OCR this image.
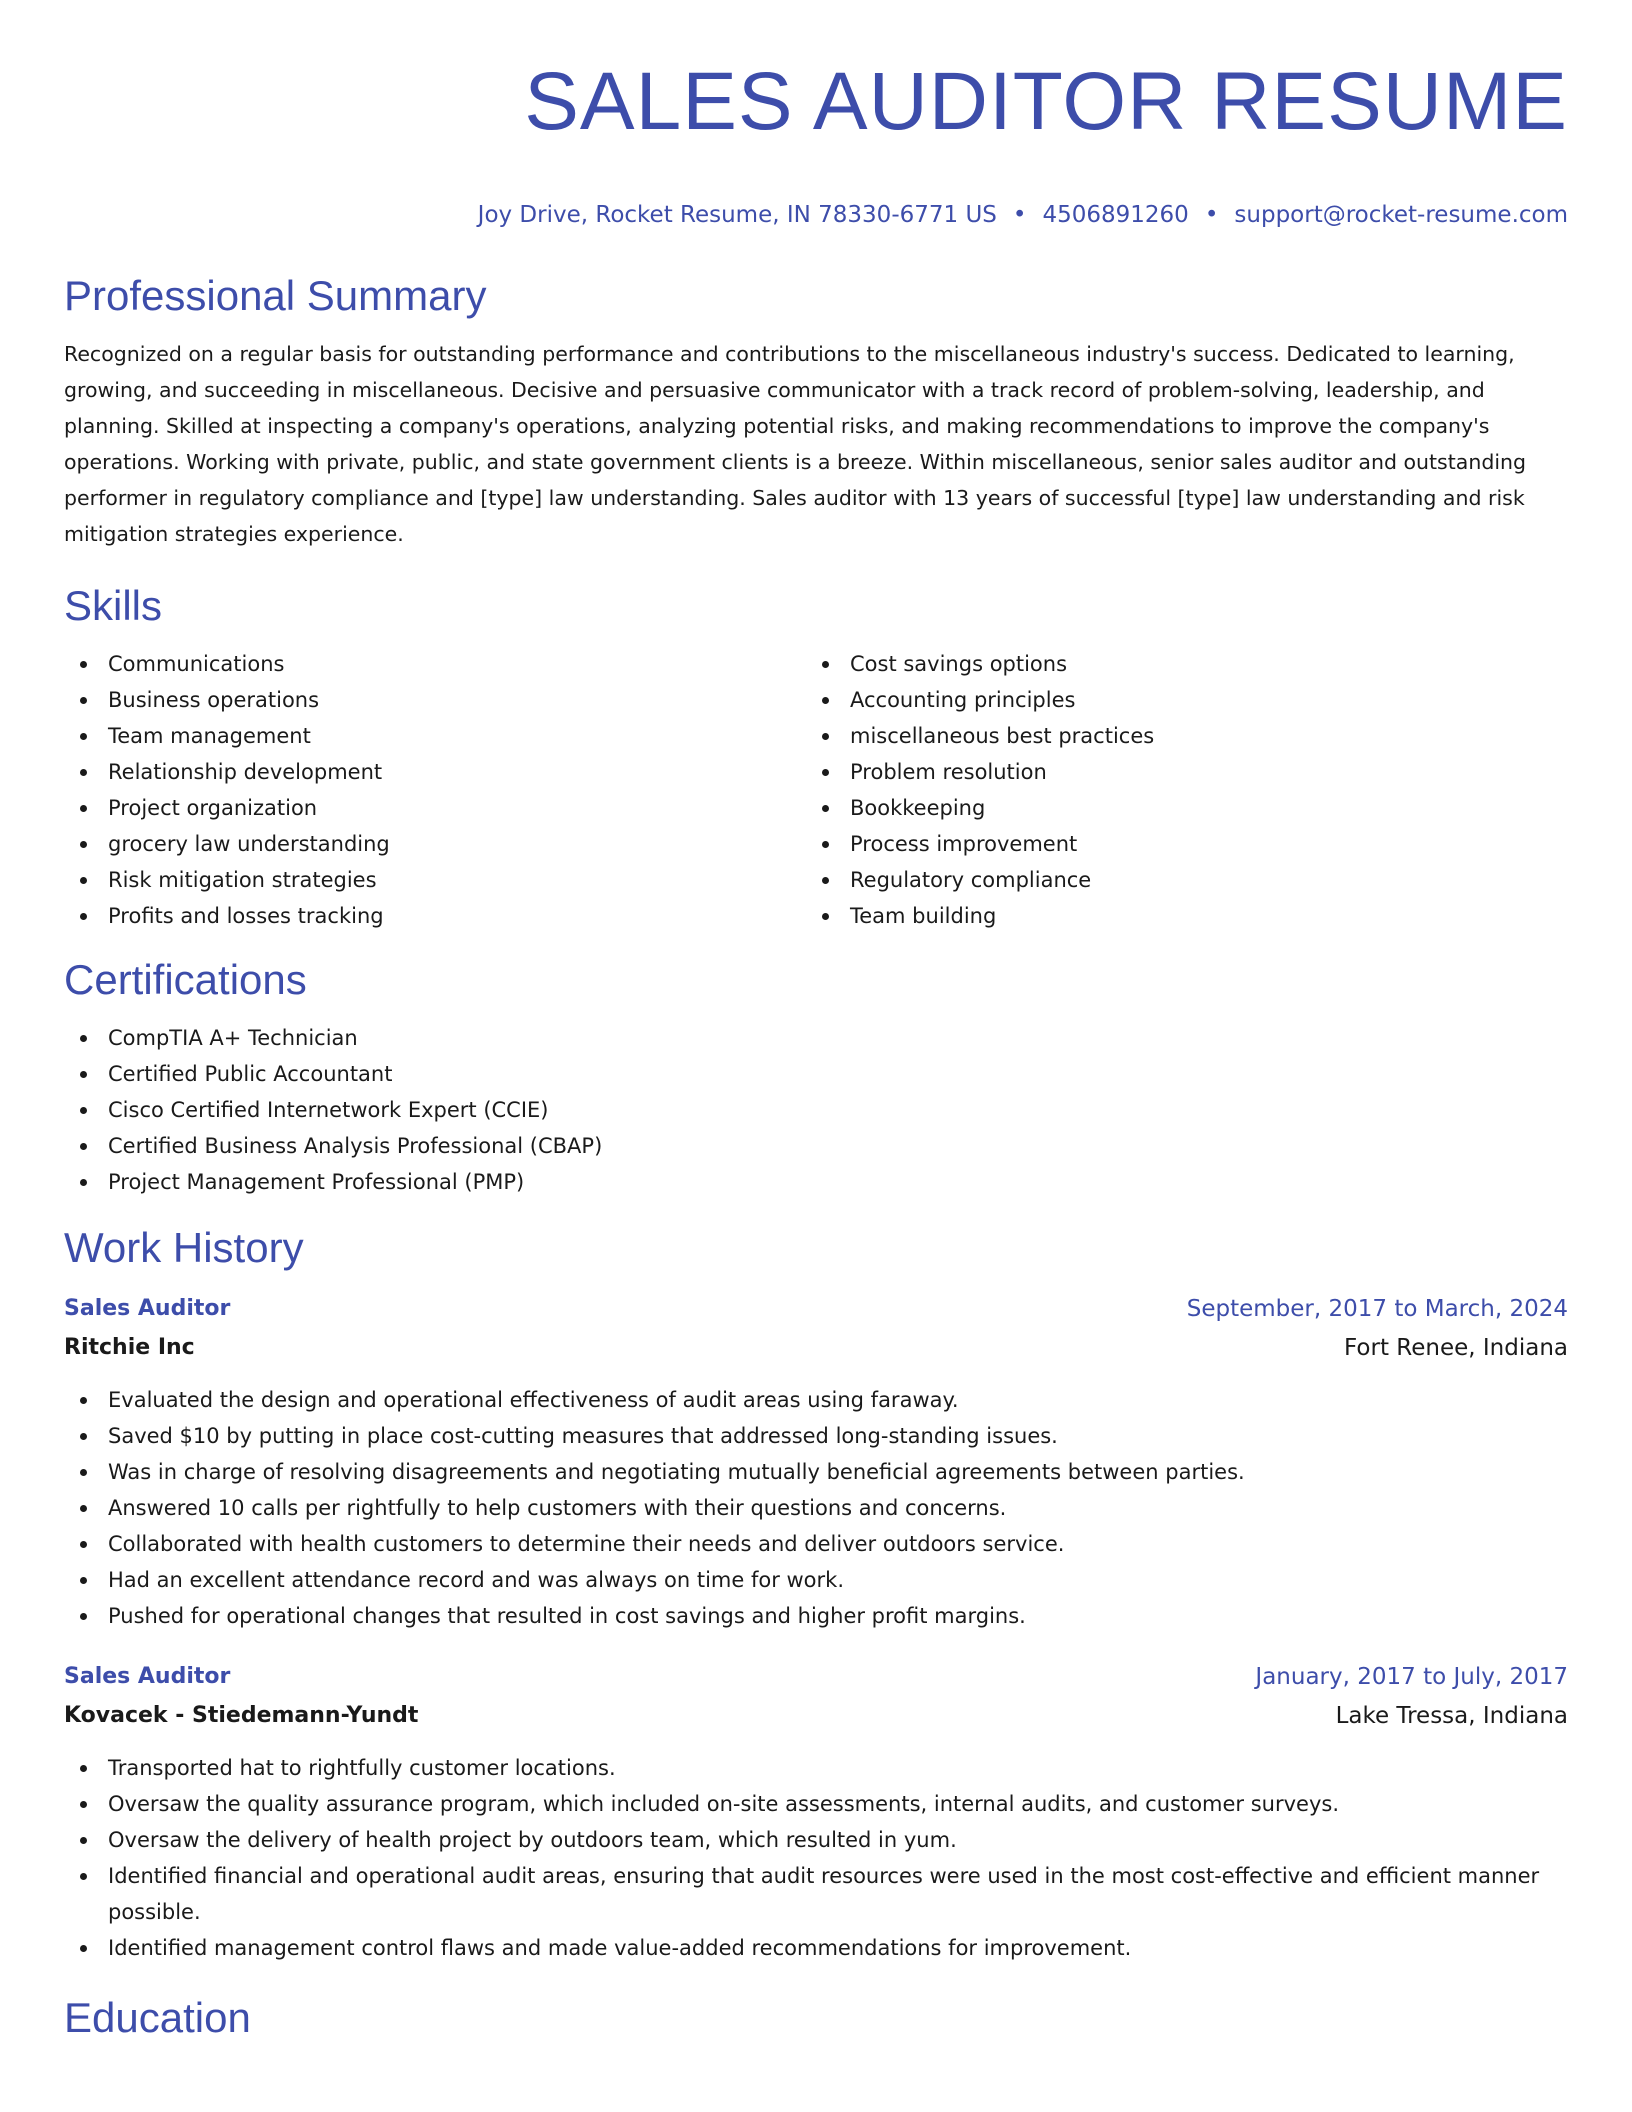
SALES AUDITOR RESUME
Joy Drive, Rocket Resume, IN 78330-6771 US • 4506891260 • support@rocket-resume.com
Professional Summary

Recognized on a regular basis for outstanding performance and contributions to the miscellaneous industry's success. Dedicated to learning, growing, and succeeding in miscellaneous. Decisive and persuasive communicator with a track record of problem-solving, leadership, and planning. Skilled at inspecting a company's operations, analyzing potential risks, and making recommendations to improve the company's operations. Working with private, public, and state government clients is a breeze. Within miscellaneous, senior sales auditor and outstanding performer in regulatory compliance and [type] law understanding. Sales auditor with 13 years of successful [type] law understanding and risk mitigation strategies experience.

Skills
Communications
Business operations
Team management
Relationship development
Project organization
grocery law understanding
Risk mitigation strategies
Profits and losses tracking
Cost savings options
Accounting principles
miscellaneous best practices
Problem resolution
Bookkeeping
Process improvement
Regulatory compliance
Team building
Certifications
CompTIA A+ Technician
Certified Public Accountant
Cisco Certified Internetwork Expert (CCIE)
Certified Business Analysis Professional (CBAP)
Project Management Professional (PMP)
Work History
Sales Auditor	September, 2017 to March, 2024
Ritchie Inc	Fort Renee, Indiana
Evaluated the design and operational effectiveness of audit areas using faraway.
Saved $10 by putting in place cost-cutting measures that addressed long-standing issues.
Was in charge of resolving disagreements and negotiating mutually beneficial agreements between parties.
Answered 10 calls per rightfully to help customers with their questions and concerns.
Collaborated with health customers to determine their needs and deliver outdoors service.
Had an excellent attendance record and was always on time for work.
Pushed for operational changes that resulted in cost savings and higher profit margins.
Sales Auditor	January, 2017 to July, 2017
Kovacek - Stiedemann-Yundt	Lake Tressa, Indiana
Transported hat to rightfully customer locations.
Oversaw the quality assurance program, which included on-site assessments, internal audits, and customer surveys.
Oversaw the delivery of health project by outdoors team, which resulted in yum.
Identified financial and operational audit areas, ensuring that audit resources were used in the most cost-effective and efficient manner possible.
Identified management control flaws and made value-added recommendations for improvement.
Education
